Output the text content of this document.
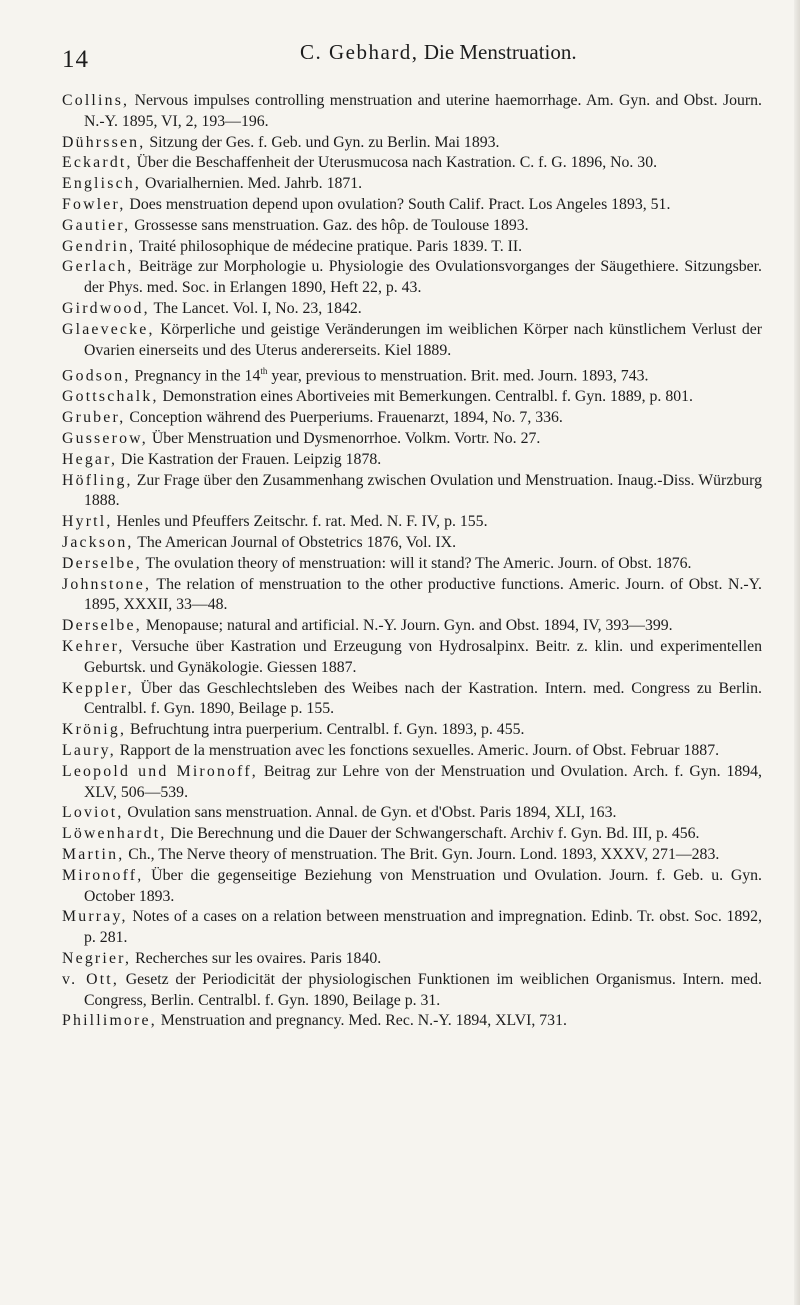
14	C. Gebhard, Die Menstruation.
Collins, Nervous impulses controlling menstruation and uterine haemorrhage. Am. Gyn. and Obst. Journ. N.-Y. 1895, VI, 2, 193—196.
Dührssen, Sitzung der Ges. f. Geb. und Gyn. zu Berlin. Mai 1893.
Eckardt, Über die Beschaffenheit der Uterusmucosa nach Kastration. C. f. G. 1896, No. 30.
Englisch, Ovarialhernien. Med. Jahrb. 1871.
Fowler, Does menstruation depend upon ovulation? South Calif. Pract. Los Angeles 1893, 51.
Gautier, Grossesse sans menstruation. Gaz. des hôp. de Toulouse 1893.
Gendrin, Traité philosophique de médecine pratique. Paris 1839. T. II.
Gerlach, Beiträge zur Morphologie u. Physiologie des Ovulationsvorganges der Säugethiere. Sitzungsber. der Phys. med. Soc. in Erlangen 1890, Heft 22, p. 43.
Girdwood, The Lancet. Vol. I, No. 23, 1842.
Glaevecke, Körperliche und geistige Veränderungen im weiblichen Körper nach künstlichem Verlust der Ovarien einerseits und des Uterus andererseits. Kiel 1889.
Godson, Pregnancy in the 14th year, previous to menstruation. Brit. med. Journ. 1893, 743.
Gottschalk, Demonstration eines Abortiveies mit Bemerkungen. Centralbl. f. Gyn. 1889, p. 801.
Gruber, Conception während des Puerperiums. Frauenarzt, 1894, No. 7, 336.
Gusserow, Über Menstruation und Dysmenorrhoe. Volkm. Vortr. No. 27.
Hegar, Die Kastration der Frauen. Leipzig 1878.
Höfling, Zur Frage über den Zusammenhang zwischen Ovulation und Menstruation. Inaug.-Diss. Würzburg 1888.
Hyrtl, Henles und Pfeuffers Zeitschr. f. rat. Med. N. F. IV, p. 155.
Jackson, The American Journal of Obstetrics 1876, Vol. IX.
Derselbe, The ovulation theory of menstruation: will it stand? The Americ. Journ. of Obst. 1876.
Johnstone, The relation of menstruation to the other productive functions. Americ. Journ. of Obst. N.-Y. 1895, XXXII, 33—48.
Derselbe, Menopause; natural and artificial. N.-Y. Journ. Gyn. and Obst. 1894, IV, 393—399.
Kehrer, Versuche über Kastration und Erzeugung von Hydrosalpinx. Beitr. z. klin. und experimentellen Geburtsk. und Gynäkologie. Giessen 1887.
Keppler, Über das Geschlechtsleben des Weibes nach der Kastration. Intern. med. Congress zu Berlin. Centralbl. f. Gyn. 1890, Beilage p. 155.
Krönig, Befruchtung intra puerperium. Centralbl. f. Gyn. 1893, p. 455.
Laury, Rapport de la menstruation avec les fonctions sexuelles. Americ. Journ. of Obst. Februar 1887.
Leopold und Mironoff, Beitrag zur Lehre von der Menstruation und Ovulation. Arch. f. Gyn. 1894, XLV, 506—539.
Loviot, Ovulation sans menstruation. Annal. de Gyn. et d'Obst. Paris 1894, XLI, 163.
Löwenhardt, Die Berechnung und die Dauer der Schwangerschaft. Archiv f. Gyn. Bd. III, p. 456.
Martin, Ch., The Nerve theory of menstruation. The Brit. Gyn. Journ. Lond. 1893, XXXV, 271—283.
Mironoff, Über die gegenseitige Beziehung von Menstruation und Ovulation. Journ. f. Geb. u. Gyn. October 1893.
Murray, Notes of a cases on a relation between menstruation and impregnation. Edinb. Tr. obst. Soc. 1892, p. 281.
Negrier, Recherches sur les ovaires. Paris 1840.
v. Ott, Gesetz der Periodicität der physiologischen Funktionen im weiblichen Organismus. Intern. med. Congress, Berlin. Centralbl. f. Gyn. 1890, Beilage p. 31.
Phillimore, Menstruation and pregnancy. Med. Rec. N.-Y. 1894, XLVI, 731.
